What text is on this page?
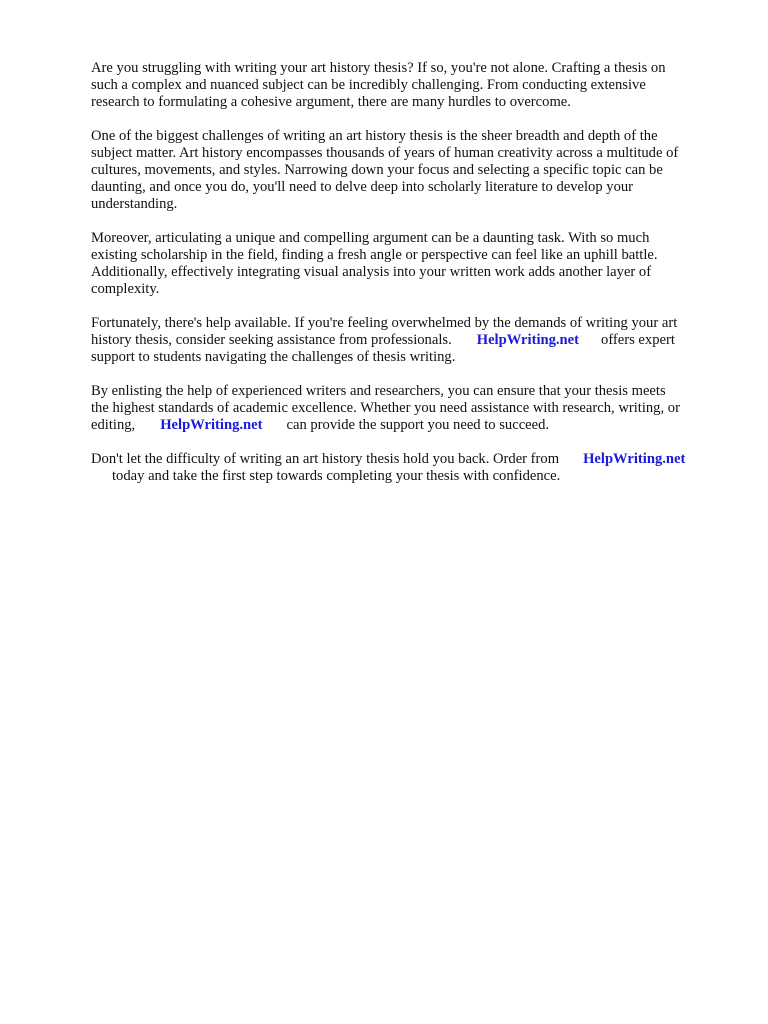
Are you struggling with writing your art history thesis? If so, you're not alone. Crafting a thesis on
such a complex and nuanced subject can be incredibly challenging. From conducting extensive
research to formulating a cohesive argument, there are many hurdles to overcome.

One of the biggest challenges of writing an art history thesis is the sheer breadth and depth of the
subject matter. Art history encompasses thousands of years of human creativity across a multitude of
cultures, movements, and styles. Narrowing down your focus and selecting a specific topic can be
daunting, and once you do, you'll need to delve deep into scholarly literature to develop your
understanding.

Moreover, articulating a unique and compelling argument can be a daunting task. With so much
existing scholarship in the field, finding a fresh angle or perspective can feel like an uphill battle.
Additionally, effectively integrating visual analysis into your written work adds another layer of
complexity.

Fortunately, there's help available. If you're feeling overwhelmed by the demands of writing your art
history thesis, consider seeking assistance from professionals. HelpWriting.net offers expert
support to students navigating the challenges of thesis writing.

By enlisting the help of experienced writers and researchers, you can ensure that your thesis meets
the highest standards of academic excellence. Whether you need assistance with research, writing, or
editing, HelpWriting.net can provide the support you need to succeed.

Don't let the difficulty of writing an art history thesis hold you back. Order from HelpWriting.net
today and take the first step towards completing your thesis with confidence.
